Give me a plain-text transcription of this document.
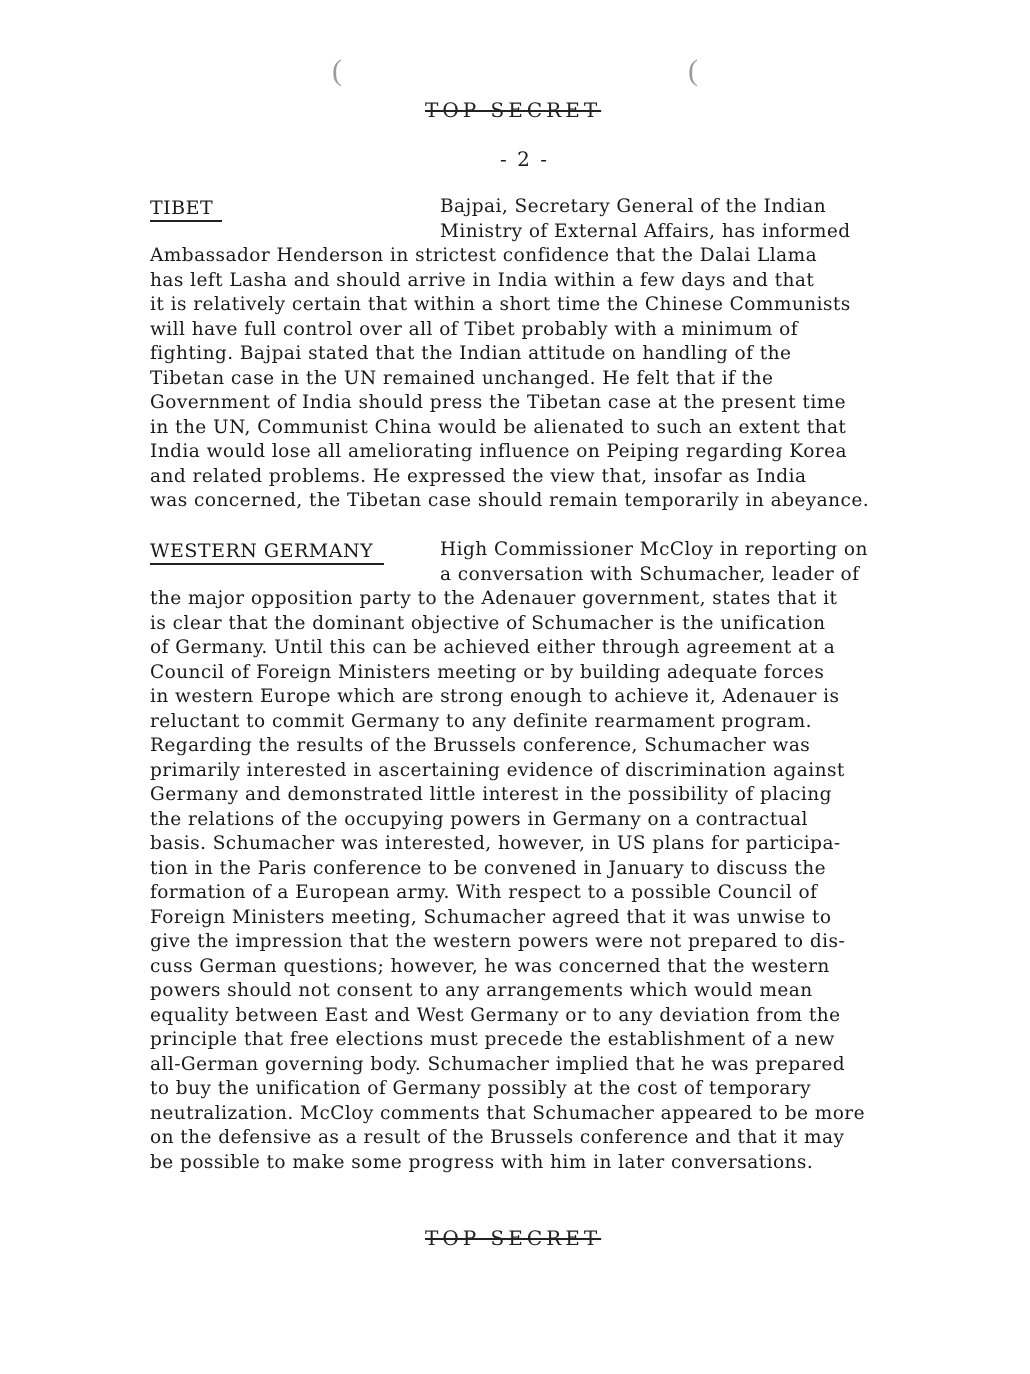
(	(
TOP SECRET
- 2 -
TIBET	Bajpai, Secretary General of the Indian
Ministry of External Affairs, has informed
Ambassador Henderson in strictest confidence that the Dalai Llama
has left Lasha and should arrive in India within a few days and that
it is relatively certain that within a short time the Chinese Communists
will have full control over all of Tibet probably with a minimum of
fighting. Bajpai stated that the Indian attitude on handling of the
Tibetan case in the UN remained unchanged. He felt that if the
Government of India should press the Tibetan case at the present time
in the UN, Communist China would be alienated to such an extent that
India would lose all ameliorating influence on Peiping regarding Korea
and related problems. He expressed the view that, insofar as India
was concerned, the Tibetan case should remain temporarily in abeyance.
WESTERN GERMANY	High Commissioner McCloy in reporting on
a conversation with Schumacher, leader of
the major opposition party to the Adenauer government, states that it
is clear that the dominant objective of Schumacher is the unification
of Germany. Until this can be achieved either through agreement at a
Council of Foreign Ministers meeting or by building adequate forces
in western Europe which are strong enough to achieve it, Adenauer is
reluctant to commit Germany to any definite rearmament program.
Regarding the results of the Brussels conference, Schumacher was
primarily interested in ascertaining evidence of discrimination against
Germany and demonstrated little interest in the possibility of placing
the relations of the occupying powers in Germany on a contractual
basis. Schumacher was interested, however, in US plans for participa-
tion in the Paris conference to be convened in January to discuss the
formation of a European army. With respect to a possible Council of
Foreign Ministers meeting, Schumacher agreed that it was unwise to
give the impression that the western powers were not prepared to dis-
cuss German questions; however, he was concerned that the western
powers should not consent to any arrangements which would mean
equality between East and West Germany or to any deviation from the
principle that free elections must precede the establishment of a new
all-German governing body. Schumacher implied that he was prepared
to buy the unification of Germany possibly at the cost of temporary
neutralization. McCloy comments that Schumacher appeared to be more
on the defensive as a result of the Brussels conference and that it may
be possible to make some progress with him in later conversations.
TOP SECRET
